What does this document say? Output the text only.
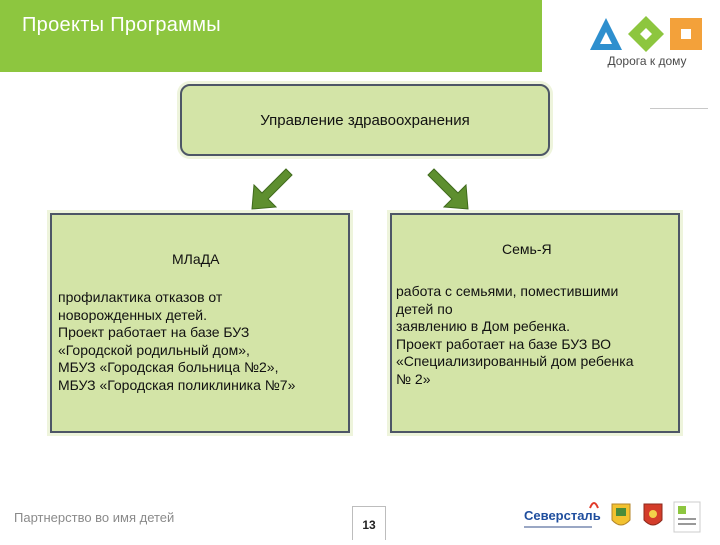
Проекты Программы
Дорога к дому
Управление здравоохранения
МЛаДА
профилактика отказов от
новорожденных детей.
Проект работает на базе БУЗ
«Городской родильный дом»,
МБУЗ «Городская больница №2»,
МБУЗ «Городская поликлиника №7»
Семь-Я
работа с семьями, поместившими
детей по
заявлению в Дом ребенка.
Проект работает на базе БУЗ ВО
«Специализированный дом ребенка
№ 2»
Партнерство во имя детей	13
Северсталь
